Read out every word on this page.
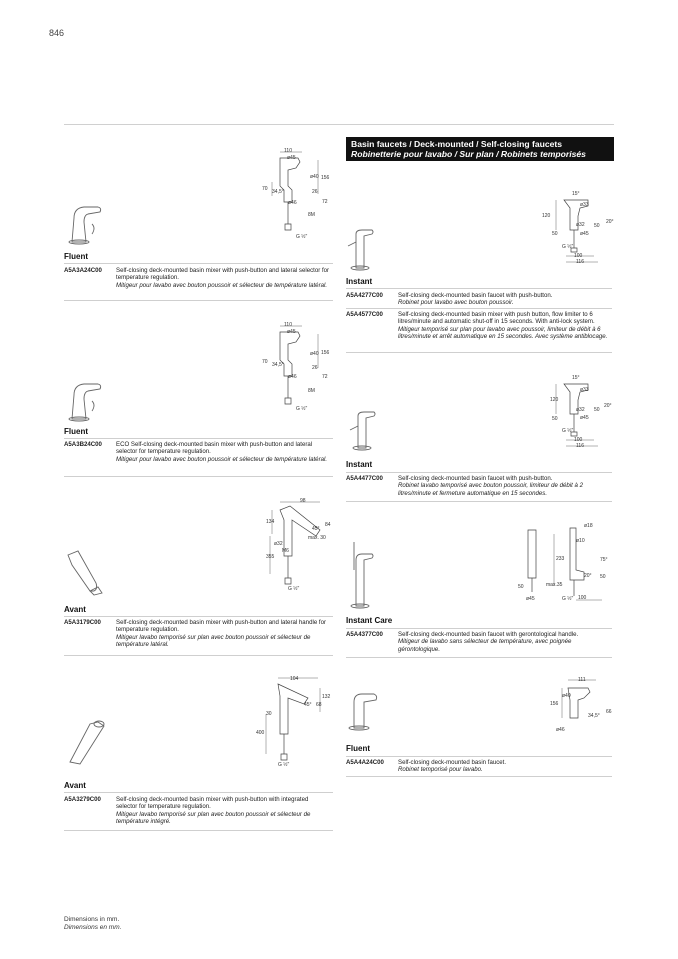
846
Basin faucets / Deck-mounted / Self-closing faucets
Robinetterie pour lavabo / Sur plan / Robinets temporisés
110
ø45
ø40 156
70 34,5°	26
ø46	72
8M
G ½"
Fluent
A5A3A24C00	Self-closing deck-mounted basin mixer with push-button and lateral selector for temperature regulation.
Mitigeur pour lavabo avec bouton poussoir et sélecteur de température latéral.
110
ø45
ø40 156
70 34,5°	26
ø46	72
8M
G ½"
Fluent
A5A3B24C00	ECO Self-closing deck-mounted basin mixer with push-button and lateral selector for temperature regulation.
Mitigeur pour lavabo avec bouton poussoir et sélecteur de température latéral.
98
134
45°
84
max. 30
ø32
M6
355
G ½"
Avant
A5A3179C00	Self-closing deck-mounted basin mixer with push-button and lateral handle for temperature regulation.
Mitigeur lavabo temporisé sur plan avec bouton poussoir et sélecteur de température latéral.
104
132
45° 68
30
400
G ½"
Avant
A5A3279C00	Self-closing deck-mounted basin mixer with push-button with integrated selector for temperature regulation.
Mitigeur lavabo temporisé sur plan avec bouton poussoir et sélecteur de température intégré.
15°
ø33
120
ø32
50
20°
50
ø45
G ½"
100
116
Instant
A5A4277C00	Self-closing deck-mounted basin faucet with push-button.
Robinet pour lavabo avec bouton poussoir.
A5A4577C00	Self-closing deck-mounted basin mixer with push button, flow limiter to 6 litres/minute and automatic shut-off in 15 seconds. With anti-lock system.
Mitigeur temporisé sur plan pour lavabo avec poussoir, limiteur de débit à 6 litres/minute et arrêt automatique en 15 secondes. Avec système antiblocage.
15°
ø33
120
ø32
50
20°
50
ø45
G ½"
100
116
Instant
A5A4477C00	Self-closing deck-mounted basin faucet with push-button.
Robinet lavabo temporisé avec bouton poussoir, limiteur de débit à 2 litres/minute et fermeture automatique en 15 secondes.
ø18
ø10
233	75°
20° 50
max.35
50
ø45	G ½" 100
Instant Care
A5A4377C00	Self-closing deck-mounted basin faucet with gerontological handle.
Mitigeur de lavabo sans sélecteur de température, avec poignée gérontologique.
111
ø40
156
66
34,5°
ø46
Fluent
A5A4A24C00	Self-closing deck-mounted basin faucet.
Robinet temporisé pour lavabo.
Dimensions in mm.
Dimensions en mm.
